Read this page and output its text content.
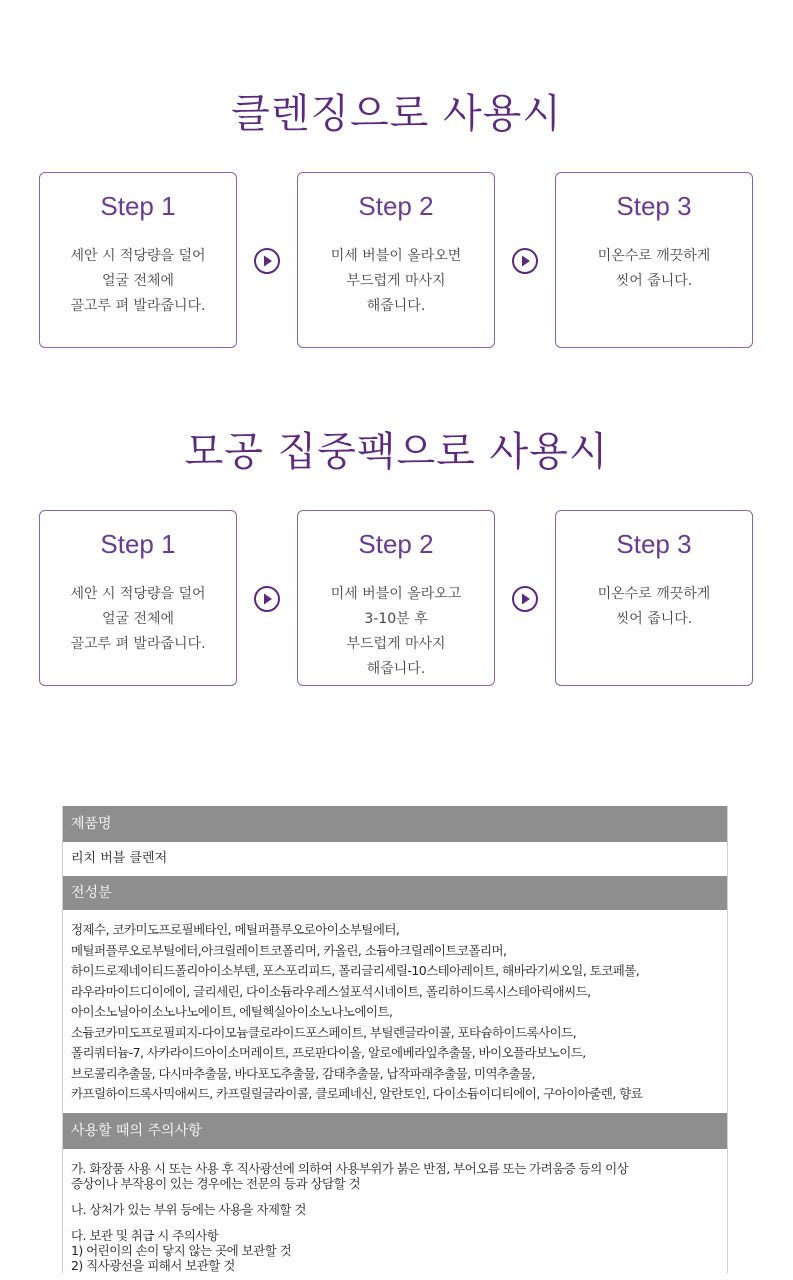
클렌징으로 사용시
Step 1
세안 시 적당량을 덜어
얼굴 전체에
골고루 펴 발라줍니다.
Step 2
미세 버블이 올라오면
부드럽게 마사지
해줍니다.
Step 3
미온수로 깨끗하게
씻어 줍니다.
모공 집중팩으로 사용시
Step 1
세안 시 적당량을 덜어
얼굴 전체에
골고루 펴 발라줍니다.
Step 2
미세 버블이 올라오고
3-10분 후
부드럽게 마사지
해줍니다.
Step 3
미온수로 깨끗하게
씻어 줍니다.
제품명
리치 버블 클렌저
전성분
정제수, 코카미도프로필베타인, 메틸퍼플루오로아이소부틸에터,
메틸퍼플루오로부틸에터,아크릴레이트코폴리머, 카올린, 소듐아크릴레이트코폴리머,
하이드로제네이티드폴리아이소부텐, 포스포리피드, 폴리글리세릴-10스테아레이트, 해바라기씨오일, 토코페롤,
라우라마이드디이에이, 글리세린, 다이소듐라우레스설포석시네이트, 폴리하이드록시스테아릭애씨드,
아이소노닐아이소노나노에이트, 에틸헥실아이소노나노에이트,
소듐코카미도프로필피지-다이모늄클로라이드포스페이트, 부틸렌글라이콜, 포타슘하이드록사이드,
폴리쿼터늄-7, 사카라이드아이소머레이트, 프로판다이올, 알로에베라잎추출물, 바이오플라보노이드,
브로콜리추출물, 다시마추출물, 바다포도추출물, 감태추출물, 납작파래추출물, 미역추출물,
카프릴하이드록사믹애씨드, 카프릴릴글라이콜, 클로페네신, 알란토인, 다이소듐이디티에이, 구아이아줄렌, 향료
사용할 때의 주의사항

가. 화장품 사용 시 또는 사용 후 직사광선에 의하여 사용부위가 붉은 반점, 부어오름 또는 가려움증 등의 이상

증상이나 부작용이 있는 경우에는 전문의 등과 상담할 것

나. 상처가 있는 부위 등에는 사용을 자제할 것

다. 보관 및 취급 시 주의사항

1) 어린이의 손이 닿지 않는 곳에 보관할 것

2) 직사광선을 피해서 보관할 것
